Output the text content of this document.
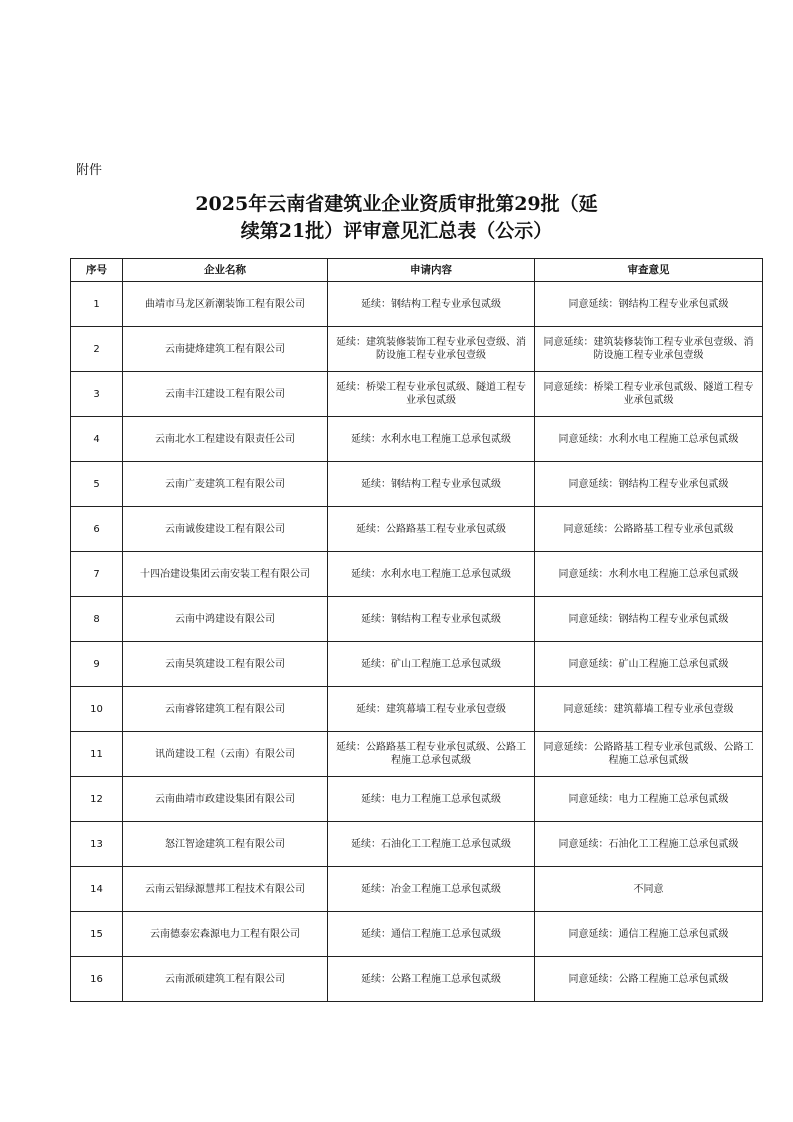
附件
2025年云南省建筑业企业资质审批第29批（延
续第21批）评审意见汇总表（公示）
序号	企业名称	申请内容	审查意见
1	曲靖市马龙区新潮装饰工程有限公司	延续：钢结构工程专业承包贰级	同意延续：钢结构工程专业承包贰级
2	云南捷烽建筑工程有限公司	延续：建筑装修装饰工程专业承包壹级、消防设施工程专业承包壹级	同意延续：建筑装修装饰工程专业承包壹级、消防设施工程专业承包壹级
3	云南丰江建设工程有限公司	延续：桥梁工程专业承包贰级、隧道工程专业承包贰级	同意延续：桥梁工程专业承包贰级、隧道工程专业承包贰级
4	云南北水工程建设有限责任公司	延续：水利水电工程施工总承包贰级	同意延续：水利水电工程施工总承包贰级
5	云南广麦建筑工程有限公司	延续：钢结构工程专业承包贰级	同意延续：钢结构工程专业承包贰级
6	云南诚俊建设工程有限公司	延续：公路路基工程专业承包贰级	同意延续：公路路基工程专业承包贰级
7	十四冶建设集团云南安装工程有限公司	延续：水利水电工程施工总承包贰级	同意延续：水利水电工程施工总承包贰级
8	云南中鸿建设有限公司	延续：钢结构工程专业承包贰级	同意延续：钢结构工程专业承包贰级
9	云南昊筑建设工程有限公司	延续：矿山工程施工总承包贰级	同意延续：矿山工程施工总承包贰级
10	云南睿铭建筑工程有限公司	延续：建筑幕墙工程专业承包壹级	同意延续：建筑幕墙工程专业承包壹级
11	讯尚建设工程（云南）有限公司	延续：公路路基工程专业承包贰级、公路工程施工总承包贰级	同意延续：公路路基工程专业承包贰级、公路工程施工总承包贰级
12	云南曲靖市政建设集团有限公司	延续：电力工程施工总承包贰级	同意延续：电力工程施工总承包贰级
13	怒江智途建筑工程有限公司	延续：石油化工工程施工总承包贰级	同意延续：石油化工工程施工总承包贰级
14	云南云铝绿源慧邦工程技术有限公司	延续：冶金工程施工总承包贰级	不同意
15	云南德泰宏森源电力工程有限公司	延续：通信工程施工总承包贰级	同意延续：通信工程施工总承包贰级
16	云南派硕建筑工程有限公司	延续：公路工程施工总承包贰级	同意延续：公路工程施工总承包贰级
